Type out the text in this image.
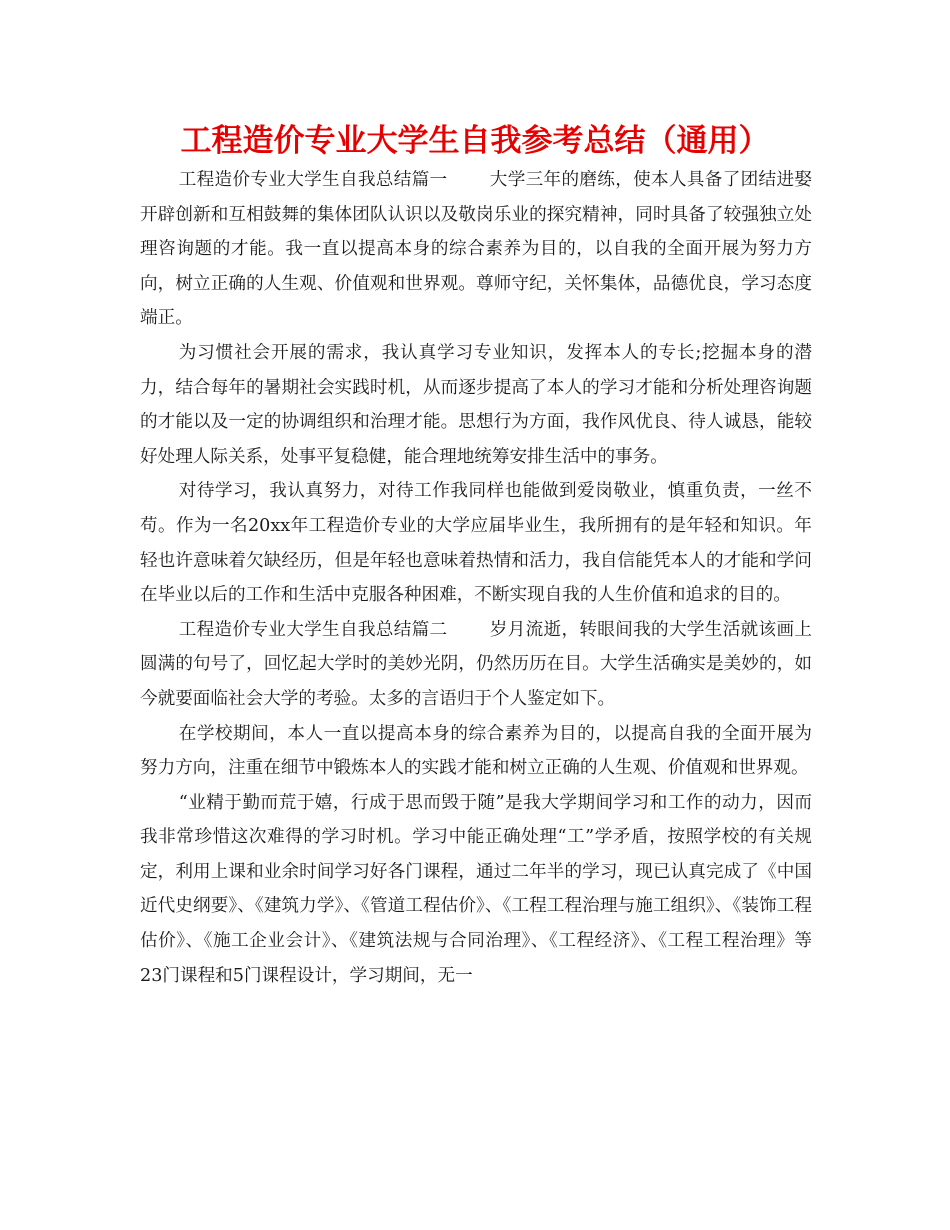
工程造价专业大学生自我参考总结（通用）

工程造价专业大学生自我总结篇一 大学三年的磨练，使本人具备了团结进娶开辟创新和互相鼓舞的集体团队认识以及敬岗乐业的探究精神，同时具备了较强独立处理咨询题的才能。我一直以提高本身的综合素养为目的，以自我的全面开展为努力方向，树立正确的人生观、价值观和世界观。尊师守纪，关怀集体，品德优良，学习态度端正。

为习惯社会开展的需求，我认真学习专业知识，发挥本人的专长;挖掘本身的潜力，结合每年的暑期社会实践时机，从而逐步提高了本人的学习才能和分析处理咨询题的才能以及一定的协调组织和治理才能。思想行为方面，我作风优良、待人诚恳，能较好处理人际关系，处事平复稳健，能合理地统筹安排生活中的事务。

对待学习，我认真努力，对待工作我同样也能做到爱岗敬业，慎重负责，一丝不苟。作为一名20xx年工程造价专业的大学应届毕业生，我所拥有的是年轻和知识。年轻也许意味着欠缺经历，但是年轻也意味着热情和活力，我自信能凭本人的才能和学问在毕业以后的工作和生活中克服各种困难，不断实现自我的人生价值和追求的目的。

工程造价专业大学生自我总结篇二 岁月流逝，转眼间我的大学生活就该画上圆满的句号了，回忆起大学时的美妙光阴，仍然历历在目。大学生活确实是美妙的，如今就要面临社会大学的考验。太多的言语归于个人鉴定如下。

在学校期间，本人一直以提高本身的综合素养为目的，以提高自我的全面开展为努力方向，注重在细节中锻炼本人的实践才能和树立正确的人生观、价值观和世界观。

“业精于勤而荒于嬉，行成于思而毁于随”是我大学期间学习和工作的动力，因而我非常珍惜这次难得的学习时机。学习中能正确处理“工”学矛盾，按照学校的有关规定，利用上课和业余时间学习好各门课程，通过二年半的学习，现已认真完成了《中国近代史纲要》、《建筑力学》、《管道工程估价》、《工程工程治理与施工组织》、《装饰工程估价》、《施工企业会计》、《建筑法规与合同治理》、《工程经济》、《工程工程治理》等23门课程和5门课程设计，学习期间，无一
